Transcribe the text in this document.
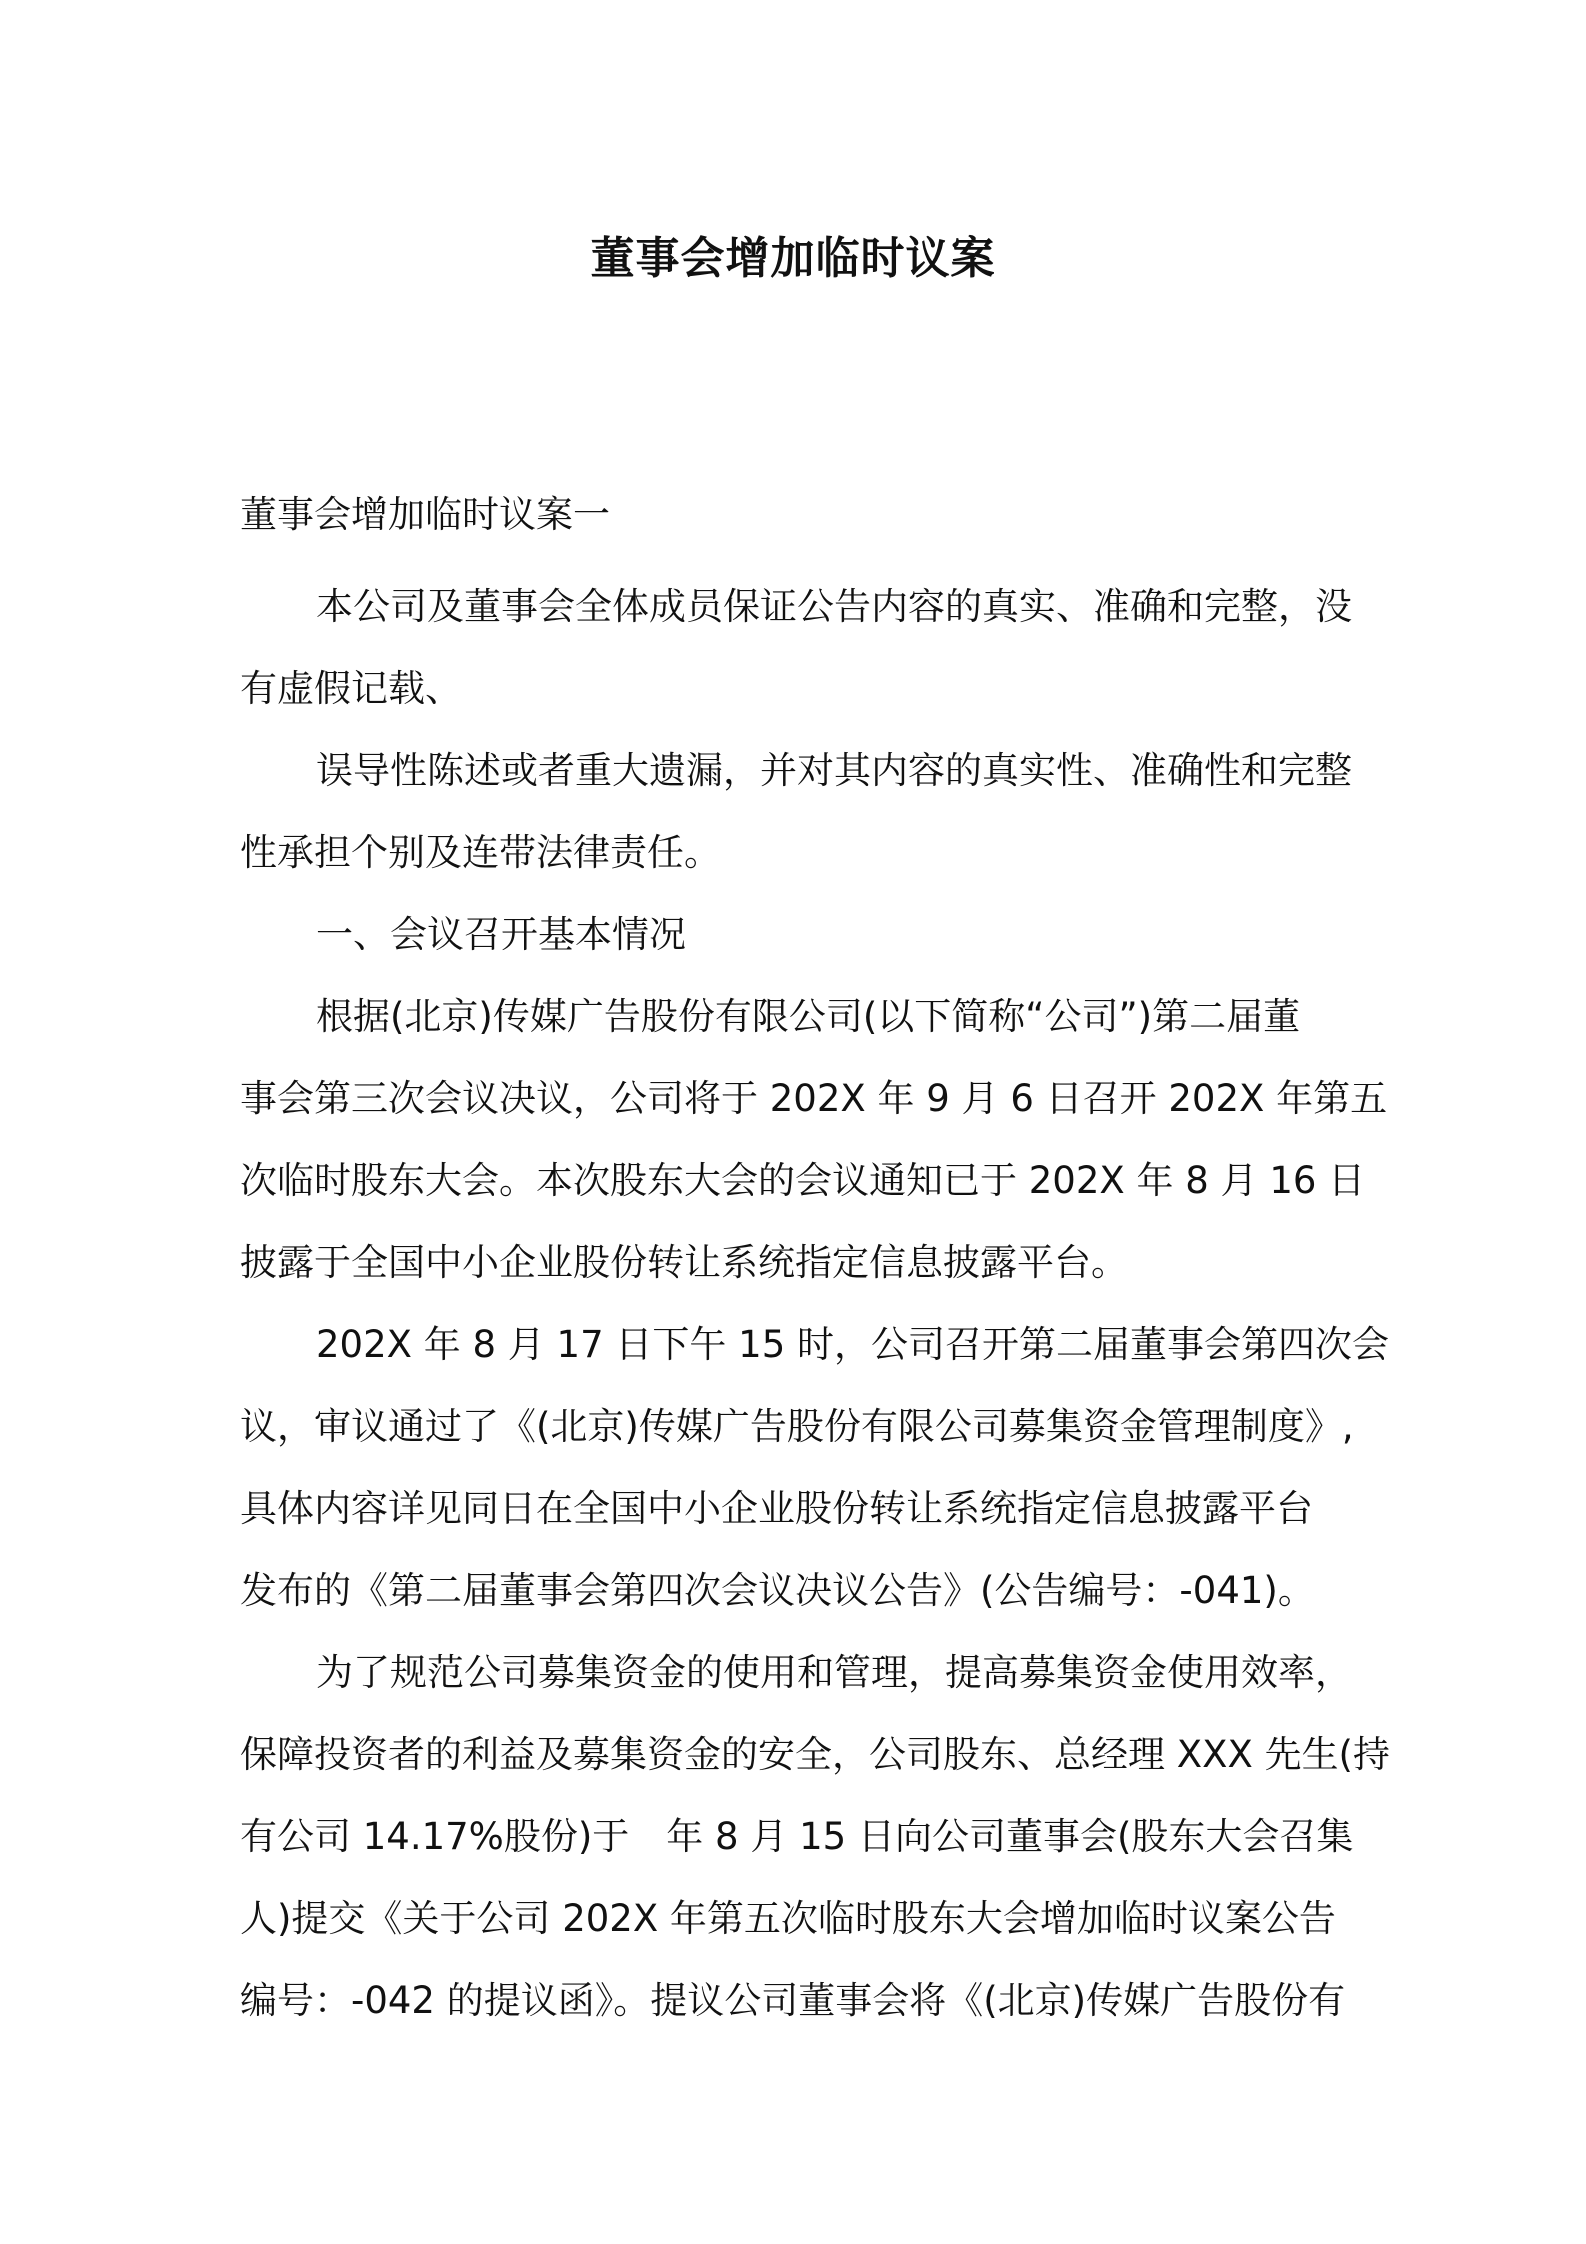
董事会增加临时议案
董事会增加临时议案一
本公司及董事会全体成员保证公告内容的真实、准确和完整，没
有虚假记载、
误导性陈述或者重大遗漏，并对其内容的真实性、准确性和完整
性承担个别及连带法律责任。
一、会议召开基本情况
根据(北京)传媒广告股份有限公司(以下简称“公司”)第二届董
事会第三次会议决议，公司将于 202X 年 9 月 6 日召开 202X 年第五
次临时股东大会。本次股东大会的会议通知已于 202X 年 8 月 16 日
披露于全国中小企业股份转让系统指定信息披露平台。
202X 年 8 月 17 日下午 15 时，公司召开第二届董事会第四次会
议，审议通过了《(北京)传媒广告股份有限公司募集资金管理制度》,
具体内容详见同日在全国中小企业股份转让系统指定信息披露平台
发布的《第二届董事会第四次会议决议公告》(公告编号：-041)。
为了规范公司募集资金的使用和管理，提高募集资金使用效率，
保障投资者的利益及募集资金的安全，公司股东、总经理 XXX 先生(持
有公司 14.17%股份)于　年 8 月 15 日向公司董事会(股东大会召集
人)提交《关于公司 202X 年第五次临时股东大会增加临时议案公告
编号：-042 的提议函》。提议公司董事会将《(北京)传媒广告股份有
